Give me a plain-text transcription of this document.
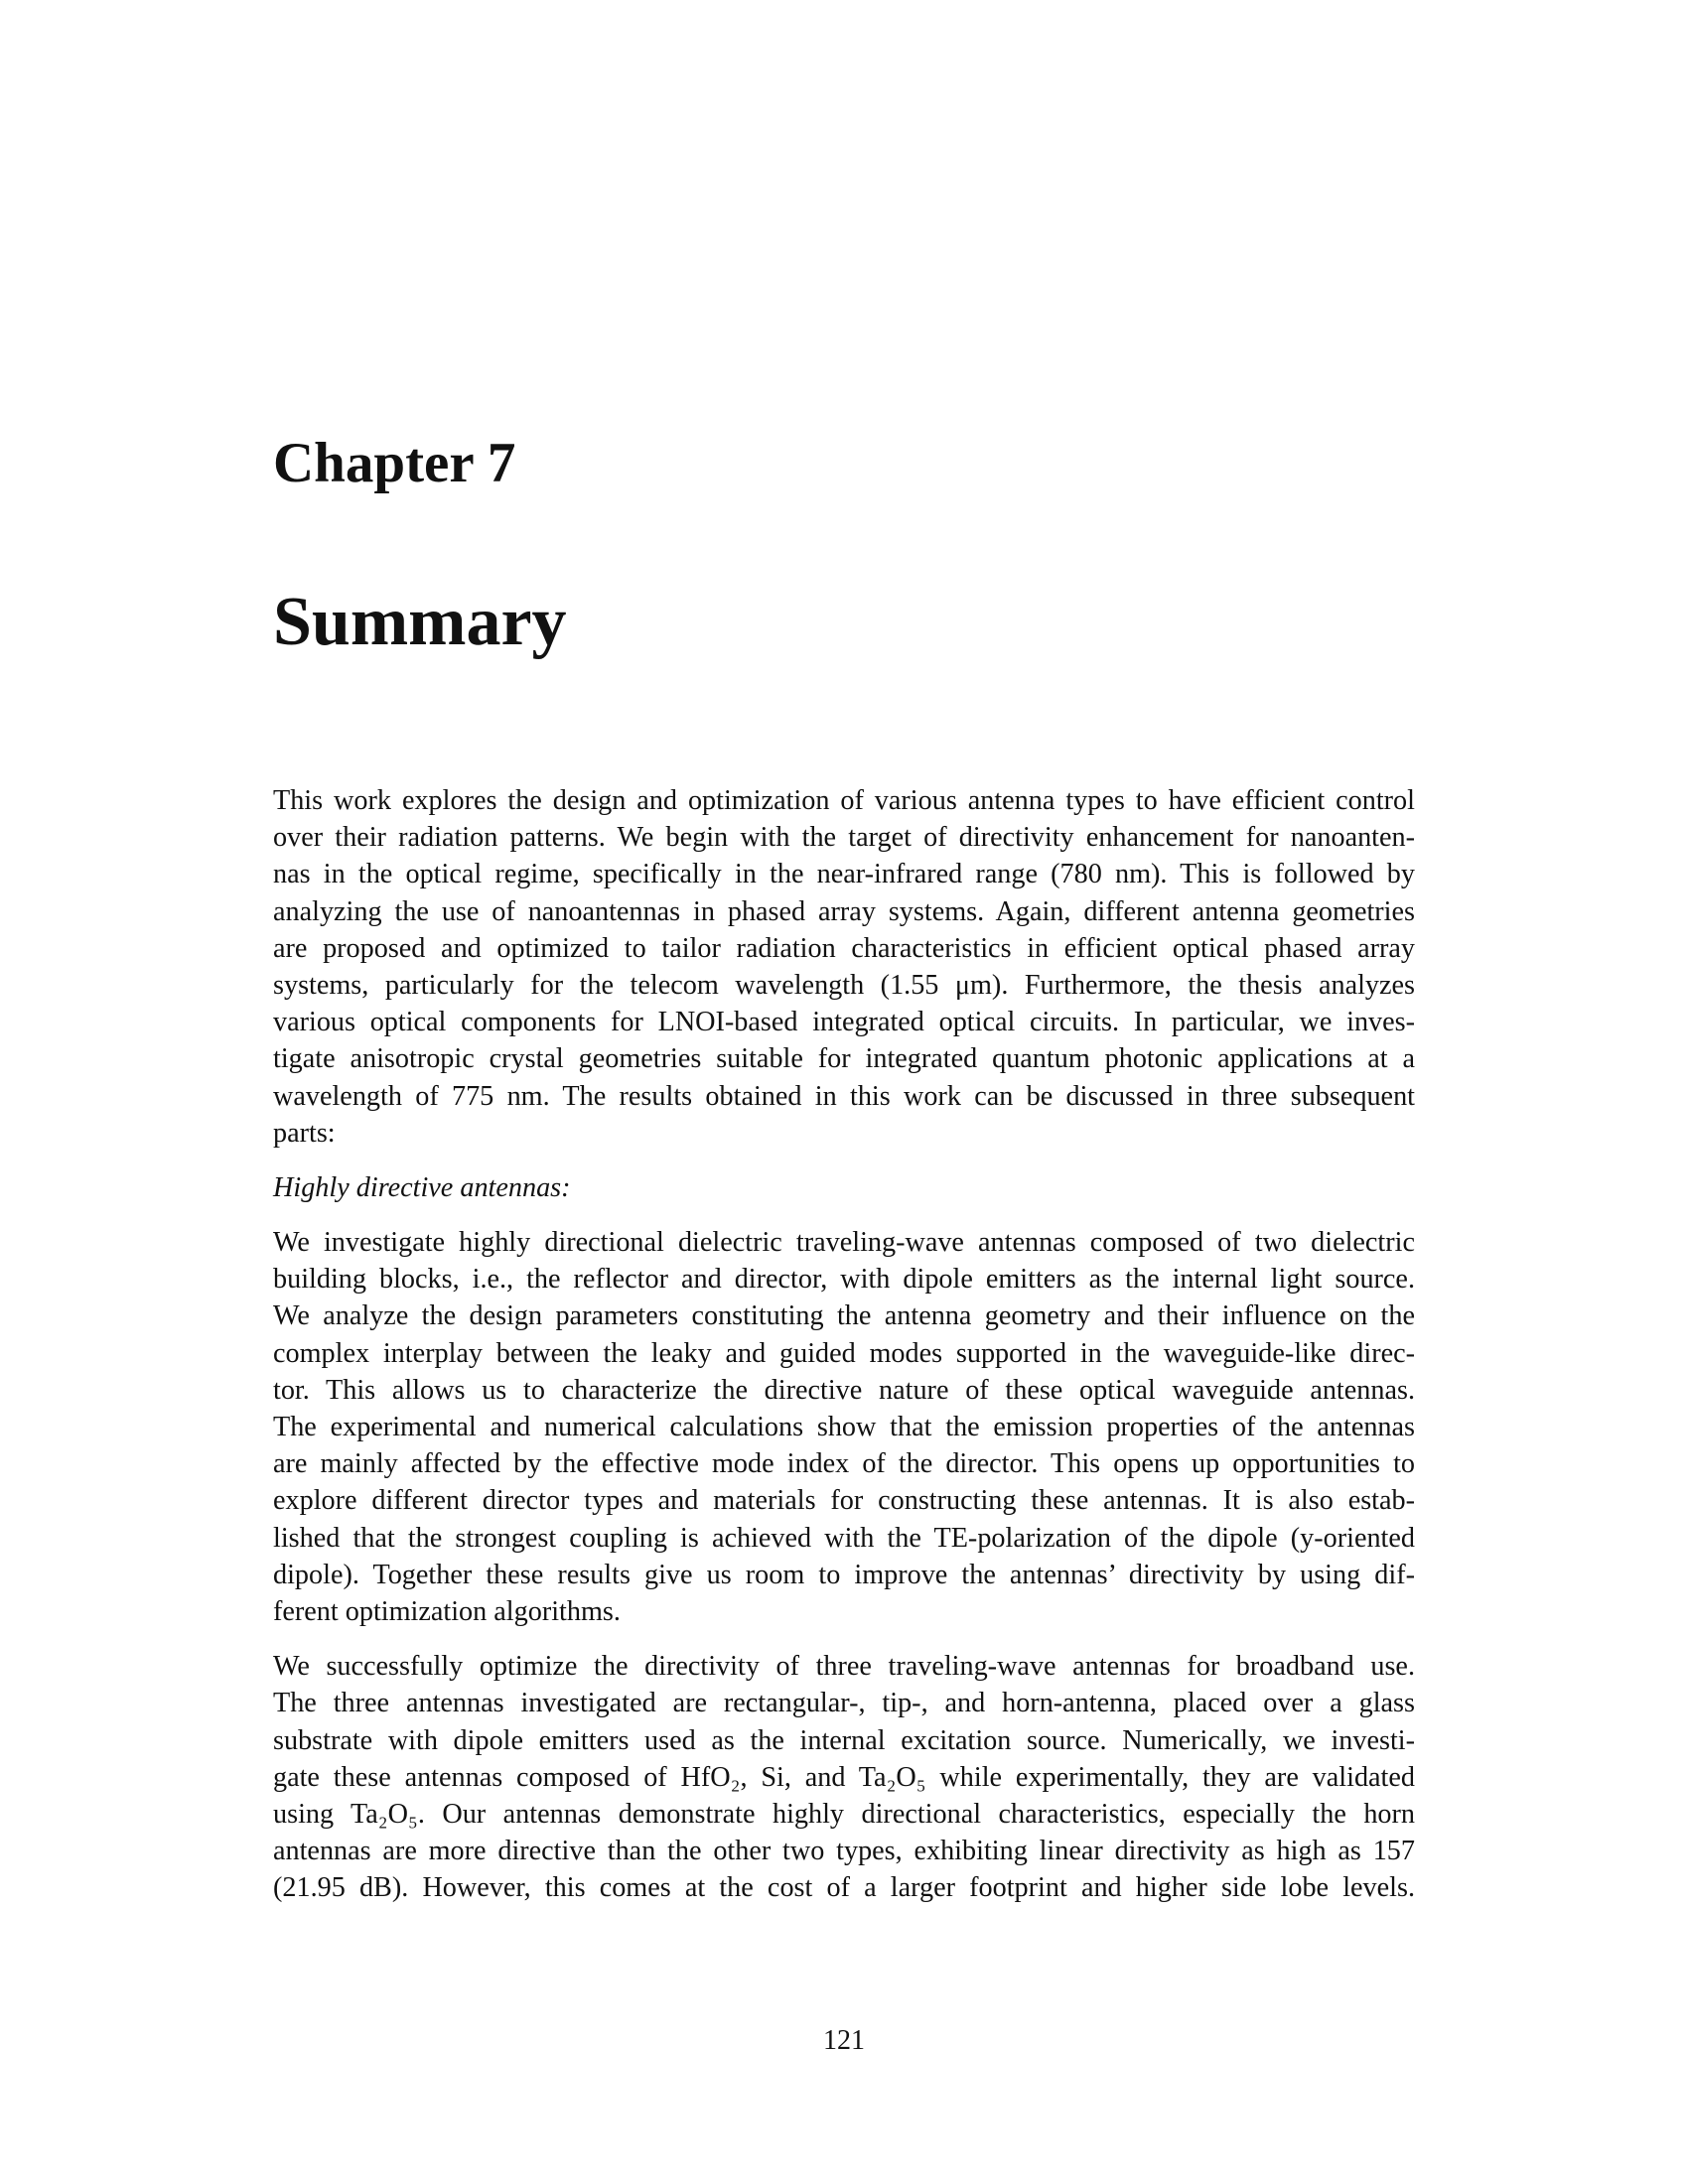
Chapter 7
Summary
This work explores the design and optimization of various antenna types to have efficient control
over their radiation patterns. We begin with the target of directivity enhancement for nanoanten-
nas in the optical regime, specifically in the near-infrared range (780 nm). This is followed by
analyzing the use of nanoantennas in phased array systems. Again, different antenna geometries
are proposed and optimized to tailor radiation characteristics in efficient optical phased array
systems, particularly for the telecom wavelength (1.55 μm). Furthermore, the thesis analyzes
various optical components for LNOI-based integrated optical circuits. In particular, we inves-
tigate anisotropic crystal geometries suitable for integrated quantum photonic applications at a
wavelength of 775 nm. The results obtained in this work can be discussed in three subsequent
parts:
Highly directive antennas:
We investigate highly directional dielectric traveling-wave antennas composed of two dielectric
building blocks, i.e., the reflector and director, with dipole emitters as the internal light source.
We analyze the design parameters constituting the antenna geometry and their influence on the
complex interplay between the leaky and guided modes supported in the waveguide-like direc-
tor. This allows us to characterize the directive nature of these optical waveguide antennas.
The experimental and numerical calculations show that the emission properties of the antennas
are mainly affected by the effective mode index of the director. This opens up opportunities to
explore different director types and materials for constructing these antennas. It is also estab-
lished that the strongest coupling is achieved with the TE-polarization of the dipole (y-oriented
dipole). Together these results give us room to improve the antennas’ directivity by using dif-
ferent optimization algorithms.
We successfully optimize the directivity of three traveling-wave antennas for broadband use.
The three antennas investigated are rectangular-, tip-, and horn-antenna, placed over a glass
substrate with dipole emitters used as the internal excitation source. Numerically, we investi-
gate these antennas composed of HfO₂, Si, and Ta₂O₅ while experimentally, they are validated
using Ta₂O₅. Our antennas demonstrate highly directional characteristics, especially the horn
antennas are more directive than the other two types, exhibiting linear directivity as high as 157
(21.95 dB). However, this comes at the cost of a larger footprint and higher side lobe levels.
121
